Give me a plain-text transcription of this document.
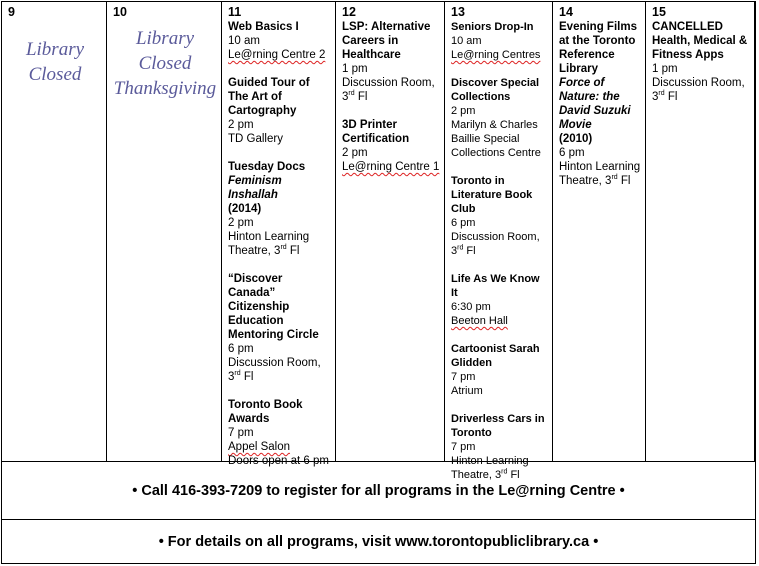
9
Library
Closed
10
Library
Closed
Thanksgiving
11
Web Basics I
10 am
Le@rning Centre 2
Guided Tour of The Art of Cartography
2 pm
TD Gallery
Tuesday Docs
Feminism Inshallah
(2014)
2 pm
Hinton Learning Theatre, 3rd Fl
“Discover Canada” Citizenship Education Mentoring Circle
6 pm
Discussion Room, 3rd Fl
Toronto Book Awards
7 pm
Appel Salon
Doors open at 6 pm
12
LSP: Alternative Careers in Healthcare
1 pm
Discussion Room, 3rd Fl
3D Printer Certification
2 pm
Le@rning Centre 1
13
Seniors Drop-In
10 am
Le@rning Centres
Discover Special Collections
2 pm
Marilyn & Charles Baillie Special Collections Centre
Toronto in Literature Book Club
6 pm
Discussion Room, 3rd Fl
Life As We Know It
6:30 pm
Beeton Hall
Cartoonist Sarah Glidden
7 pm
Atrium
Driverless Cars in Toronto
7 pm
Hinton Learning Theatre, 3rd Fl
14
Evening Films at the Toronto Reference Library
Force of Nature: the David Suzuki Movie
(2010)
6 pm
Hinton Learning Theatre, 3rd Fl
15
CANCELLED Health, Medical & Fitness Apps
1 pm
Discussion Room, 3rd Fl
• Call 416-393-7209 to register for all programs in the Le@rning Centre •
• For details on all programs, visit www.torontopubliclibrary.ca •
